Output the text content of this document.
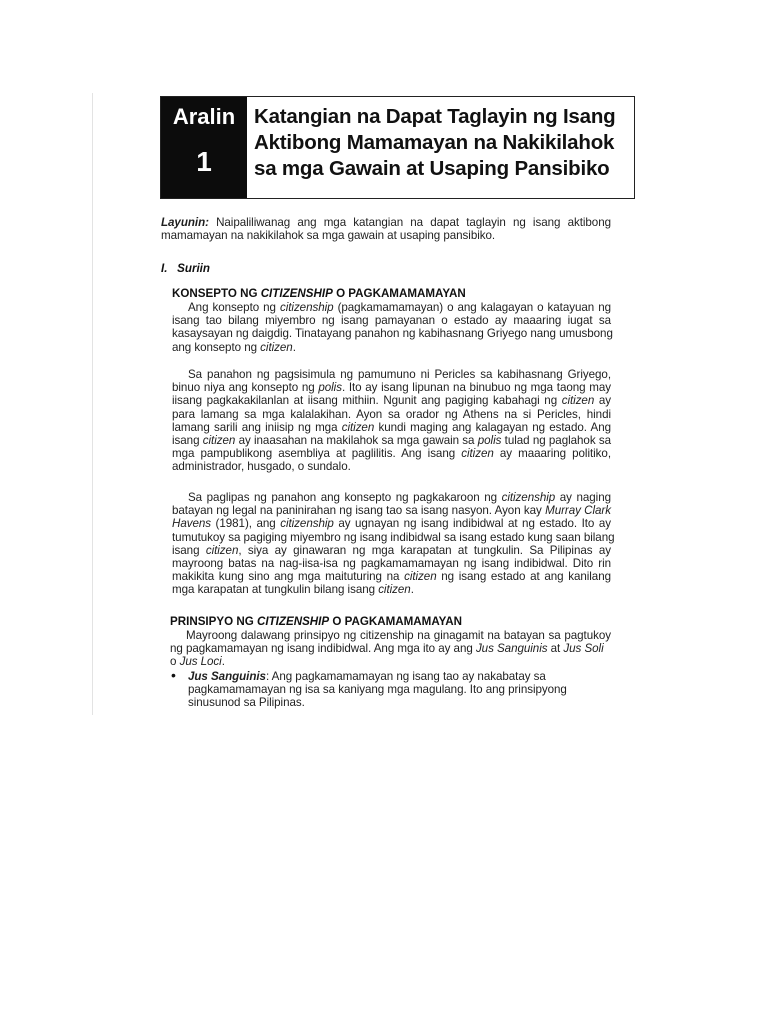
Aralin
1
Katangian na Dapat Taglayin ng Isang
Aktibong Mamamayan na Nakikilahok
sa mga Gawain at Usaping Pansibiko
Layunin: Naipaliliwanag ang mga katangian na dapat taglayin ng isang aktibong
mamamayan na nakikilahok sa mga gawain at usaping pansibiko.
I. Suriin
KONSEPTO NG CITIZENSHIP O PAGKAMAMAMAYAN
Ang konsepto ng citizenship (pagkamamamayan) o ang kalagayan o katayuan ng
isang tao bilang miyembro ng isang pamayanan o estado ay maaaring iugat sa
kasaysayan ng daigdig. Tinatayang panahon ng kabihasnang Griyego nang umusbong
ang konsepto ng citizen.
Sa panahon ng pagsisimula ng pamumuno ni Pericles sa kabihasnang Griyego,
binuo niya ang konsepto ng polis. Ito ay isang lipunan na binubuo ng mga taong may
iisang pagkakakilanlan at iisang mithiin. Ngunit ang pagiging kabahagi ng citizen ay
para lamang sa mga kalalakihan. Ayon sa orador ng Athens na si Pericles, hindi
lamang sarili ang iniisip ng mga citizen kundi maging ang kalagayan ng estado. Ang
isang citizen ay inaasahan na makilahok sa mga gawain sa polis tulad ng paglahok sa
mga pampublikong asembliya at paglilitis. Ang isang citizen ay maaaring politiko,
administrador, husgado, o sundalo.
Sa paglipas ng panahon ang konsepto ng pagkakaroon ng citizenship ay naging
batayan ng legal na paninirahan ng isang tao sa isang nasyon. Ayon kay Murray Clark
Havens (1981), ang citizenship ay ugnayan ng isang indibidwal at ng estado. Ito ay
tumutukoy sa pagiging miyembro ng isang indibidwal sa isang estado kung saan bilang
isang citizen, siya ay ginawaran ng mga karapatan at tungkulin. Sa Pilipinas ay
mayroong batas na nag-iisa-isa ng pagkamamamayan ng isang indibidwal. Dito rin
makikita kung sino ang mga maituturing na citizen ng isang estado at ang kanilang
mga karapatan at tungkulin bilang isang citizen.
PRINSIPYO NG CITIZENSHIP O PAGKAMAMAMAYAN
Mayroong dalawang prinsipyo ng citizenship na ginagamit na batayan sa pagtukoy
ng pagkamamayan ng isang indibidwal. Ang mga ito ay ang Jus Sanguinis at Jus Soli
o Jus Loci.
• Jus Sanguinis: Ang pagkamamamayan ng isang tao ay nakabatay sa
pagkamamamayan ng isa sa kaniyang mga magulang. Ito ang prinsipyong
sinusunod sa Pilipinas.
